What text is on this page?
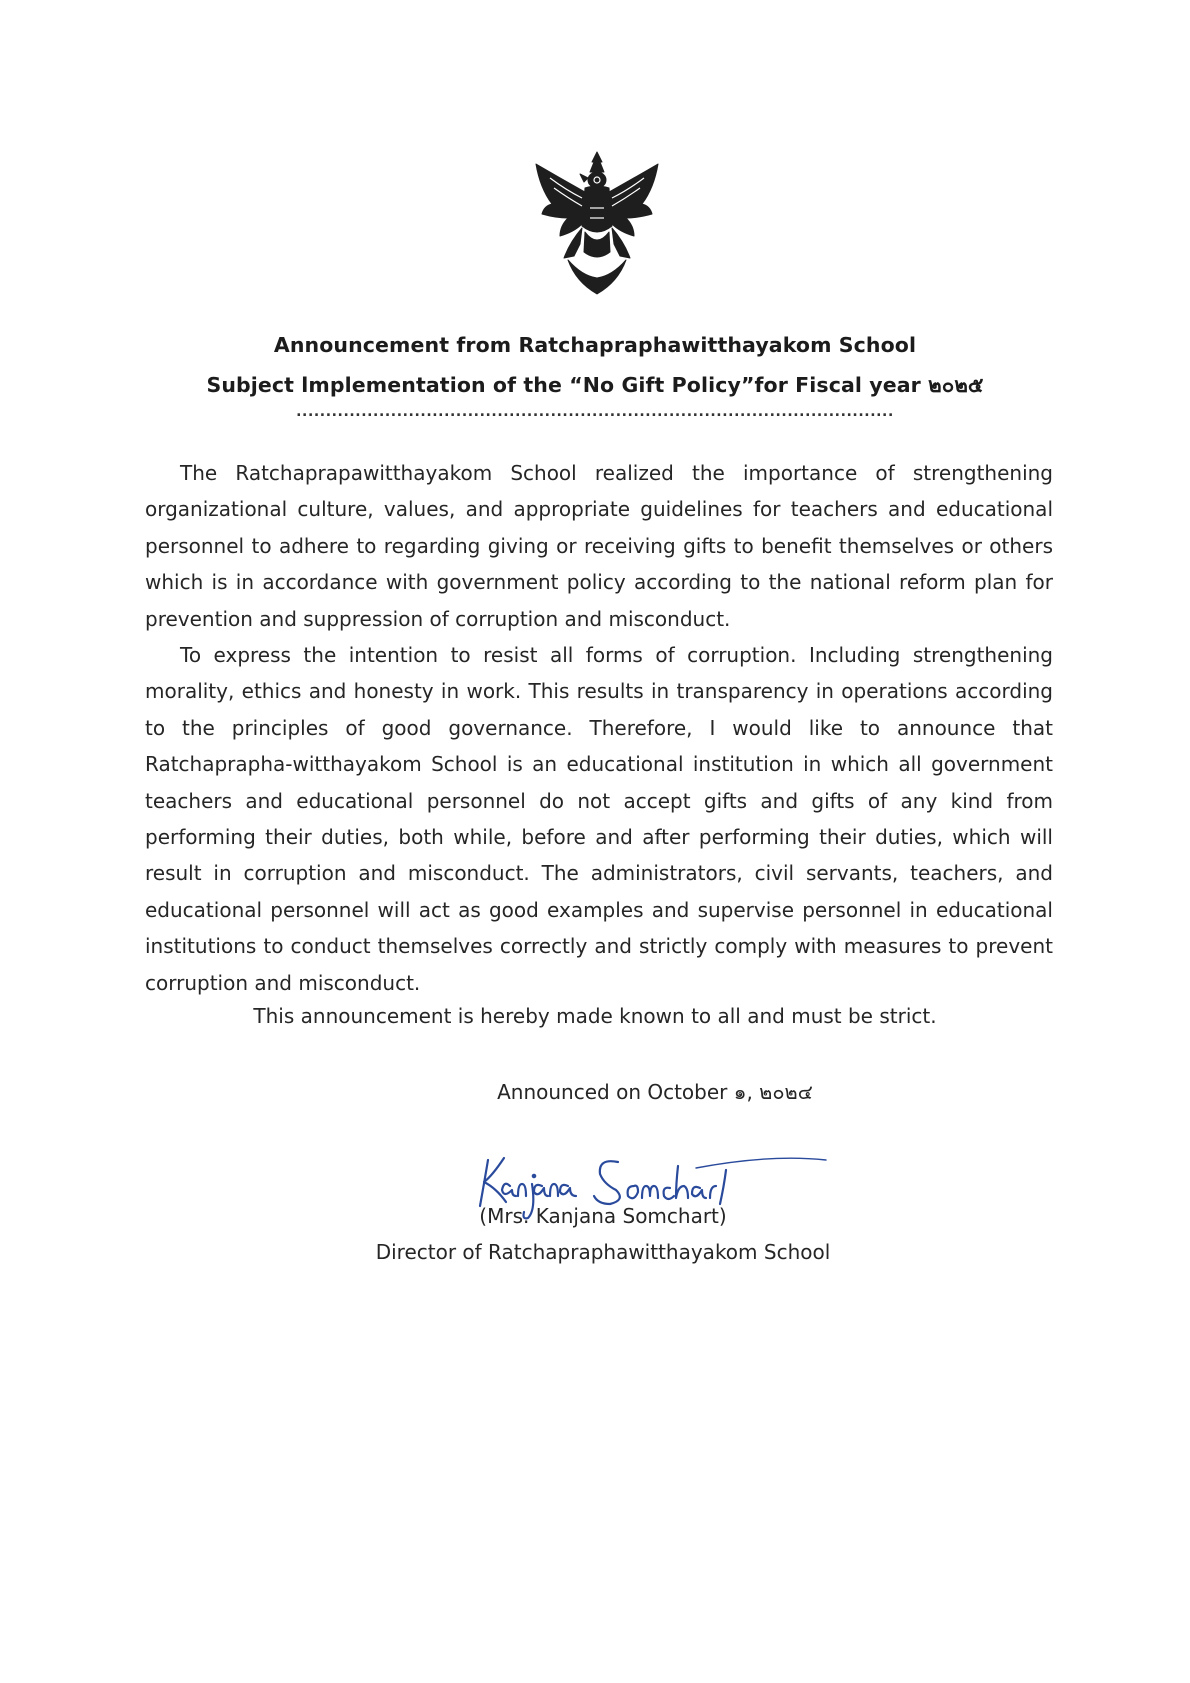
Announcement from Ratchapraphawitthayakom School
Subject lmplementation of the “No Gift Policy”for Fiscal year ๒๐๒๕
.....................................................................................................

The Ratchaprapawitthayakom School realized the importance of strengthening organizational culture, values, and appropriate guidelines for teachers and educational personnel to adhere to regarding giving or receiving gifts to benefit themselves or others which is in accordance with government policy according to the national reform plan for prevention and suppression of corruption and misconduct.

To express the intention to resist all forms of corruption. Including strengthening morality, ethics and honesty in work. This results in transparency in operations according to the principles of good governance. Therefore, I would like to announce that Ratchaprapha-witthayakom School is an educational institution in which all government teachers and educational personnel do not accept gifts and gifts of any kind from performing their duties, both while, before and after performing their duties, which will result in corruption and misconduct. The administrators, civil servants, teachers, and educational personnel will act as good examples and supervise personnel in educational institutions to conduct themselves correctly and strictly comply with measures to prevent corruption and misconduct.

This announcement is hereby made known to all and must be strict.
Announced on October ๑, ๒๐๒๔
(Mrs. Kanjana Somchart)
Director of Ratchapraphawitthayakom School
